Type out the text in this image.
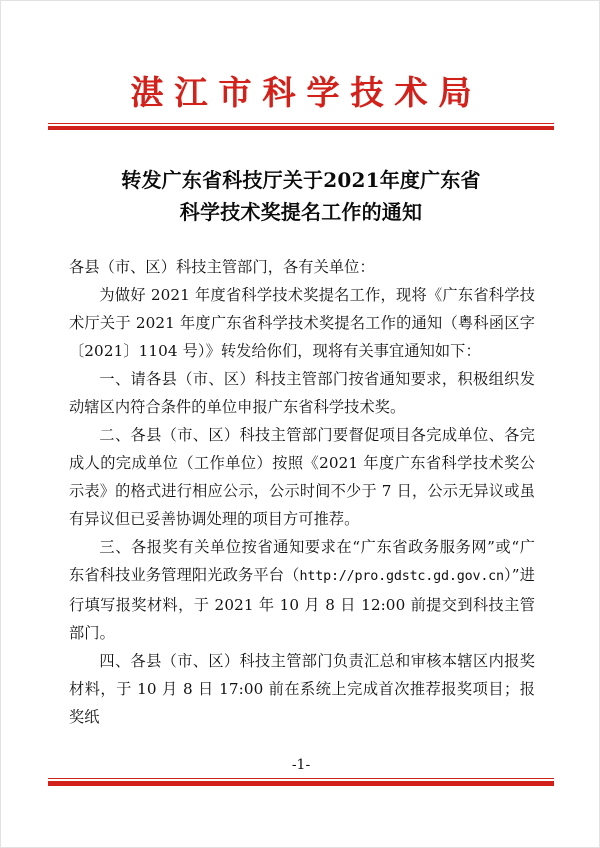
湛江市科学技术局
转发广东省科技厅关于2021年度广东省
科学技术奖提名工作的通知

各县（市、区）科技主管部门，各有关单位：

为做好 2021 年度省科学技术奖提名工作，现将《广东省科学技术厅关于 2021 年度广东省科学技术奖提名工作的通知（粤科函区字〔2021〕1104 号）》转发给你们，现将有关事宜通知如下：

一、请各县（市、区）科技主管部门按省通知要求，积极组织发动辖区内符合条件的单位申报广东省科学技术奖。

二、各县（市、区）科技主管部门要督促项目各完成单位、各完成人的完成单位（工作单位）按照《2021 年度广东省科学技术奖公示表》的格式进行相应公示，公示时间不少于 7 日，公示无异议或虽有异议但已妥善协调处理的项目方可推荐。

三、各报奖有关单位按省通知要求在“广东省政务服务网”或“广东省科技业务管理阳光政务平台（http://pro.gdstc.gd.gov.cn）”进行填写报奖材料，于 2021 年 10 月 8 日 12:00 前提交到科技主管部门。

四、各县（市、区）科技主管部门负责汇总和审核本辖区内报奖材料，于 10 月 8 日 17:00 前在系统上完成首次推荐报奖项目；报奖纸

-1-
